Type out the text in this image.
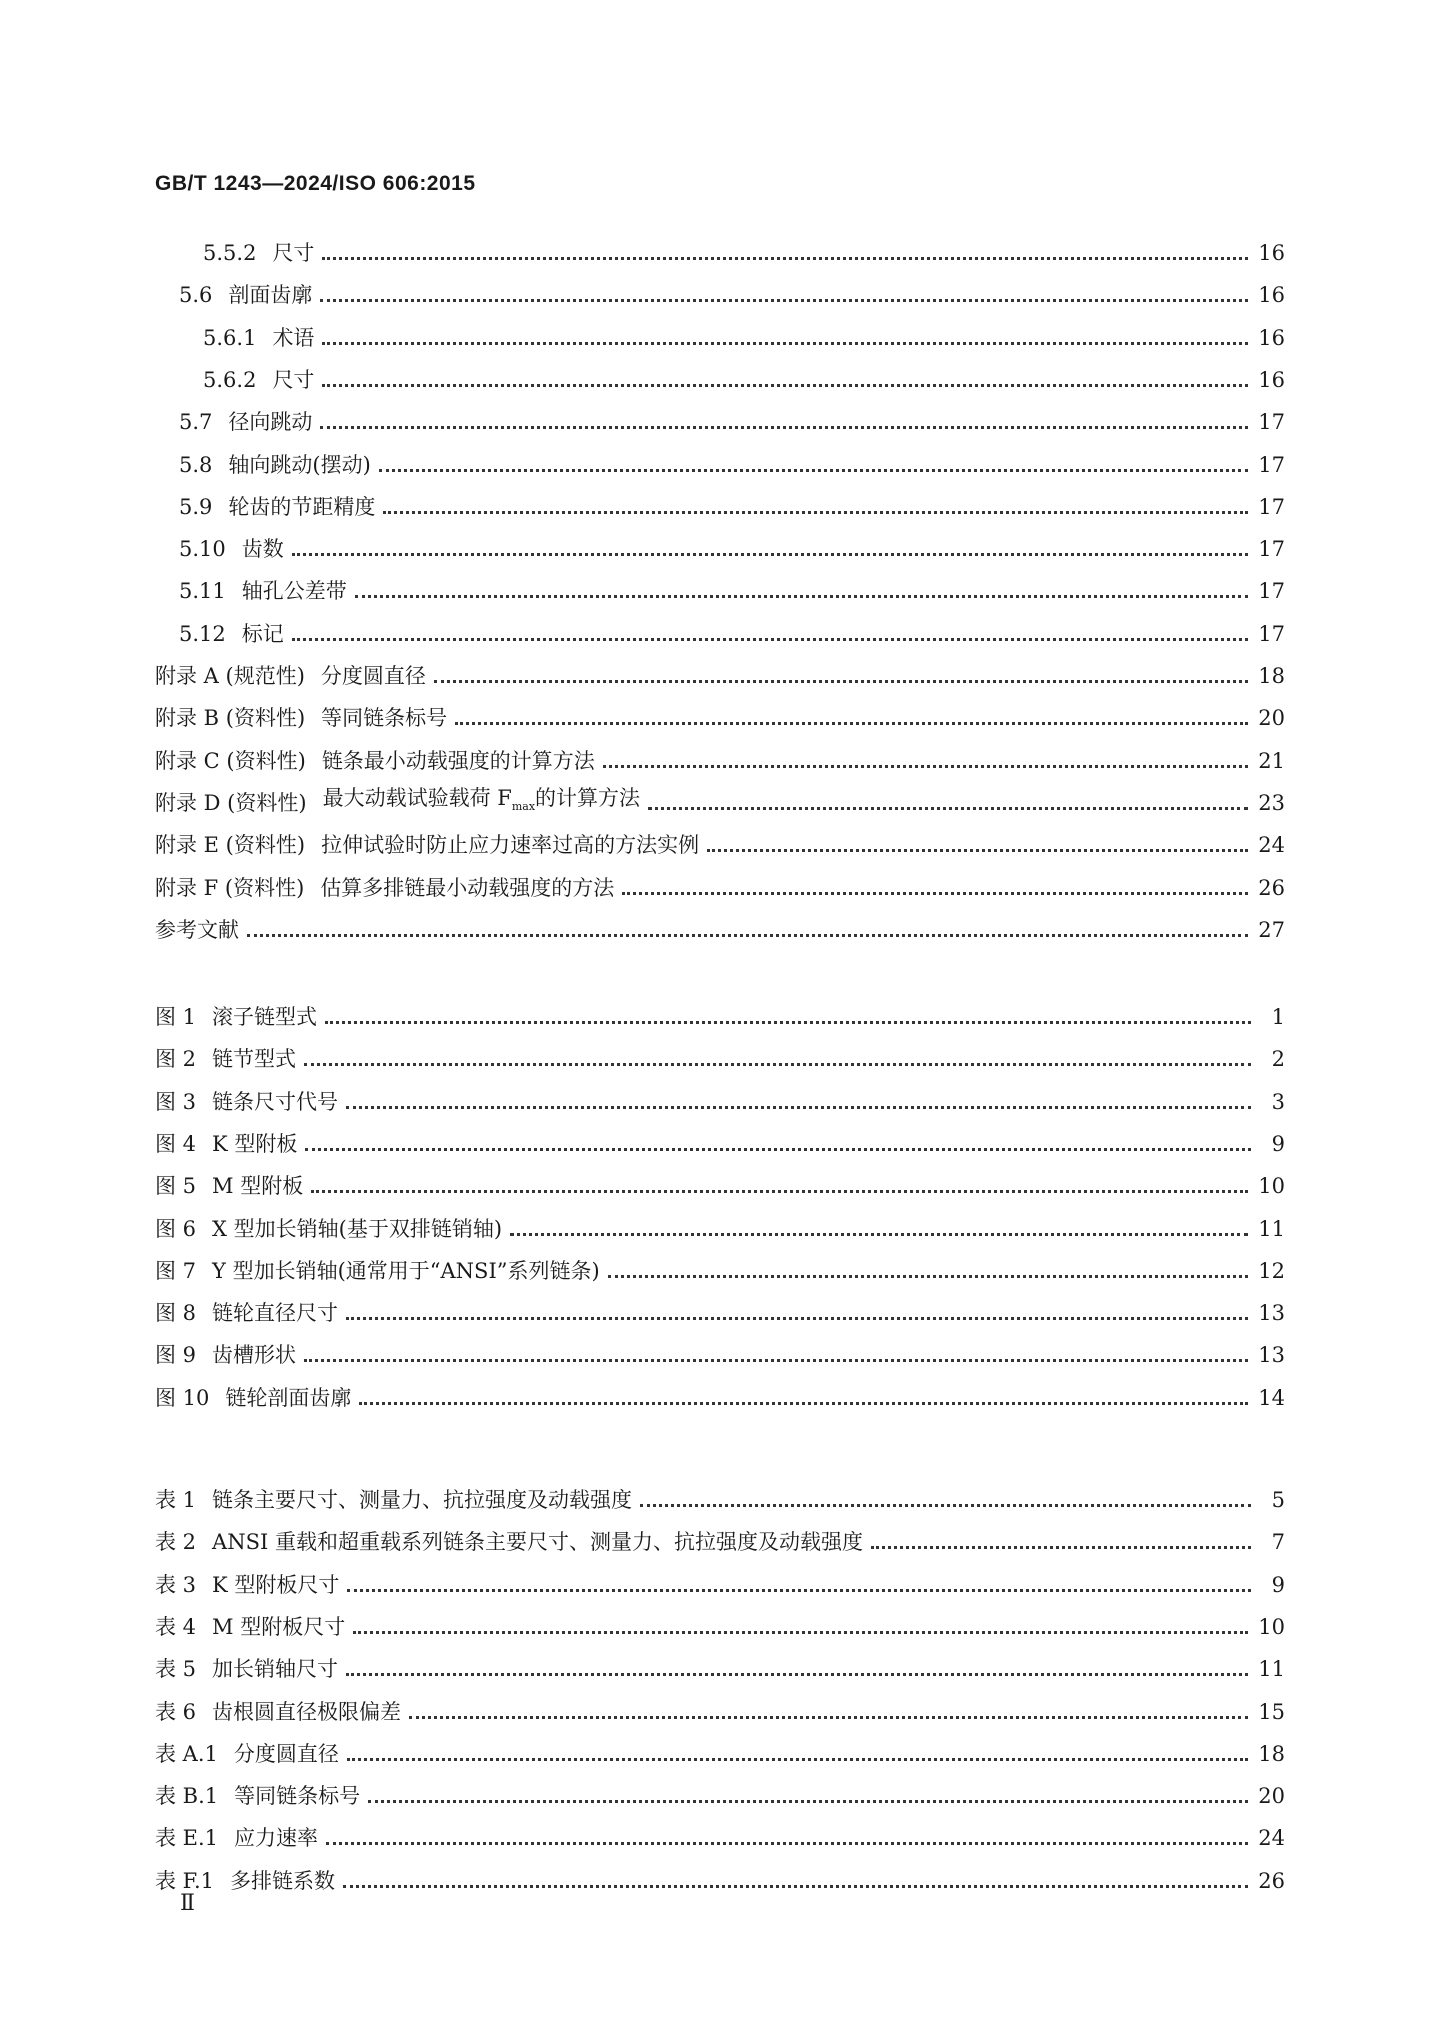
GB/T 1243—2024/ISO 606:2015
5.5.2 尺寸	16
5.6 剖面齿廓	16
5.6.1 术语	16
5.6.2 尺寸	16
5.7 径向跳动	17
5.8 轴向跳动(摆动)	17
5.9 轮齿的节距精度	17
5.10 齿数	17
5.11 轴孔公差带	17
5.12 标记	17
附录 A (规范性) 分度圆直径	18
附录 B (资料性) 等同链条标号	20
附录 C (资料性) 链条最小动载强度的计算方法	21
附录 D (资料性) 最大动载试验载荷 $F_{max}$的计算方法	23
附录 E (资料性) 拉伸试验时防止应力速率过高的方法实例	24
附录 F (资料性) 估算多排链最小动载强度的方法	26
参考文献	27
图 1 滚子链型式	1
图 2 链节型式	2
图 3 链条尺寸代号	3
图 4 K 型附板	9
图 5 M 型附板	10
图 6 X 型加长销轴(基于双排链销轴)	11
图 7 Y 型加长销轴(通常用于“ANSI”系列链条)	12
图 8 链轮直径尺寸	13
图 9 齿槽形状	13
图 10 链轮剖面齿廓	14
表 1 链条主要尺寸、测量力、抗拉强度及动载强度	5
表 2 ANSI 重载和超重载系列链条主要尺寸、测量力、抗拉强度及动载强度	7
表 3 K 型附板尺寸	9
表 4 M 型附板尺寸	10
表 5 加长销轴尺寸	11
表 6 齿根圆直径极限偏差	15
表 A.1 分度圆直径	18
表 B.1 等同链条标号	20
表 E.1 应力速率	24
表 F.1 多排链系数	26
Ⅱ
